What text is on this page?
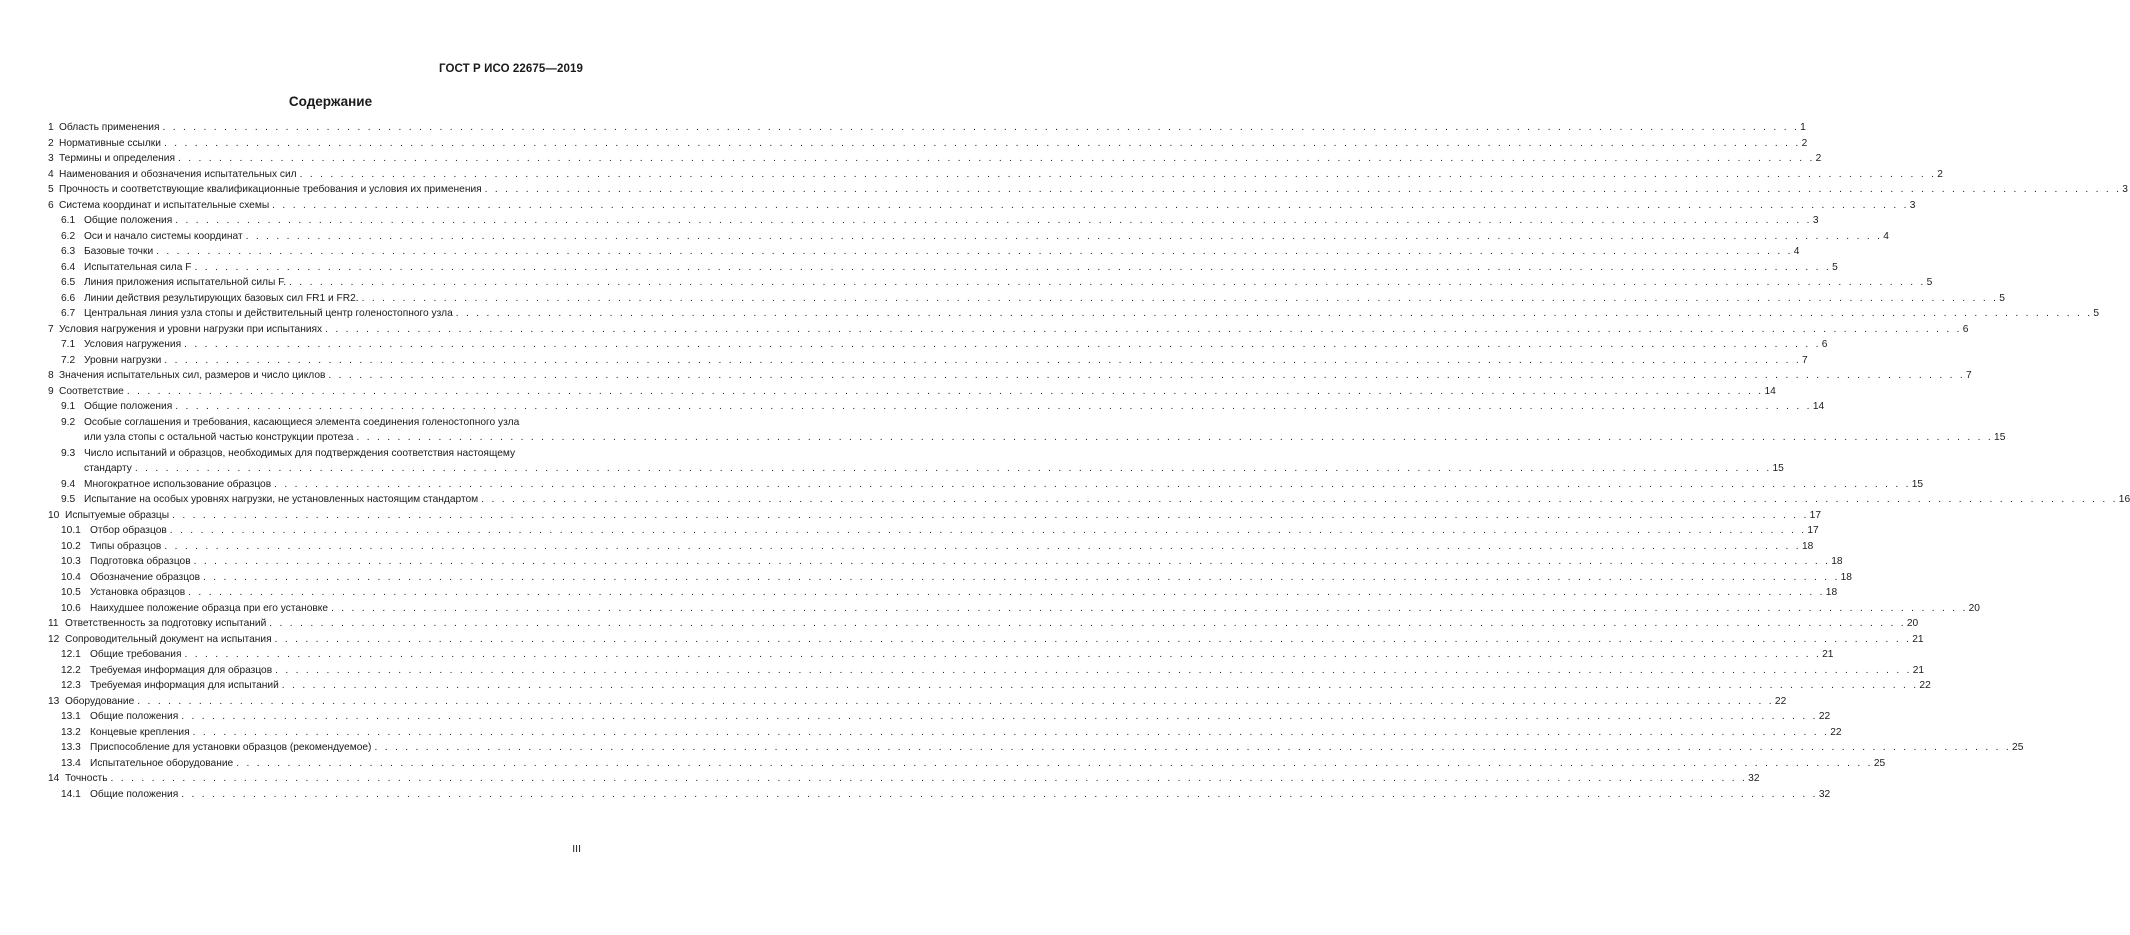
ГОСТ Р ИСО 22675—2019
Содержание
1 Область применения . . . . . . . . . . . . . . . . . . . . . . . . . . . . . . . . . . . . . . . . . . . . . . . . . . . . . . . . . . . . . . . . . . . . . . . . . . . . . . . . . . . . . . . . . . . . . . . . . . . . . . . . . . . . . . . . . . . . . . . . . . . . . . . . . . . . . . . . . . . . . . . . . . . . . . . . . . . . . . . . 1
2 Нормативные ссылки . . . . . . . . . . . . . . . . . . . . . . . . . . . . . . . . . . . . . . . . . . . . . . . . . . . . . . . . . . . . . . . . . . . . . . . . . . . . . . . . . . . . . . . . . . . . . . . . . . . . . . . . . . . . . . . . . . . . . . . . . . . . . . . . . . . . . . . . . . . . . . . . . . . . . . . . . . . . . . . . 2
3 Термины и определения . . . . . . . . . . . . . . . . . . . . . . . . . . . . . . . . . . . . . . . . . . . . . . . . . . . . . . . . . . . . . . . . . . . . . . . . . . . . . . . . . . . . . . . . . . . . . . . . . . . . . . . . . . . . . . . . . . . . . . . . . . . . . . . . . . . . . . . . . . . . . . . . . . . . . . . . . . . . . . . . 2
4 Наименования и обозначения испытательных сил . . . . . . . . . . . . . . . . . . . . . . . . . . . . . . . . . . . . . . . . . . . . . . . . . . . . . . . . . . . . . . . . . . . . . . . . . . . . . . . . . . . . . . . . . . . . . . . . . . . . . . . . . . . . . . . . . . . . . . . . . . . . . . . . . . . . . . . . . . . . . . . . . . . . . . . . . . . . . . . . 2
5 Прочность и соответствующие квалификационные требования и условия их применения . . . . . . . . . . . . . . . . . . . . . . . . . . . . . . . . . . . . . . . . . . . . . . . . . . . . . . . . . . . . . . . . . . . . . . . . . . . . . . . . . . . . . . . . . . . . . . . . . . . . . . . . . . . . . . . . . . . . . . . . . . . . . . . . . . . . . . . . . . . . . . . . . . . . . . . . . . . . . . . . 3
6 Система координат и испытательные схемы . . . . . . . . . . . . . . . . . . . . . . . . . . . . . . . . . . . . . . . . . . . . . . . . . . . . . . . . . . . . . . . . . . . . . . . . . . . . . . . . . . . . . . . . . . . . . . . . . . . . . . . . . . . . . . . . . . . . . . . . . . . . . . . . . . . . . . . . . . . . . . . . . . . . . . . . . . . . . . . . 3
6.1 Общие положения . . . . . . . . . . . . . . . . . . . . . . . . . . . . . . . . . . . . . . . . . . . . . . . . . . . . . . . . . . . . . . . . . . . . . . . . . . . . . . . . . . . . . . . . . . . . . . . . . . . . . . . . . . . . . . . . . . . . . . . . . . . . . . . . . . . . . . . . . . . . . . . . . . . . . . . . . . . . . . . . 3
6.2 Оси и начало системы координат . . . . . . . . . . . . . . . . . . . . . . . . . . . . . . . . . . . . . . . . . . . . . . . . . . . . . . . . . . . . . . . . . . . . . . . . . . . . . . . . . . . . . . . . . . . . . . . . . . . . . . . . . . . . . . . . . . . . . . . . . . . . . . . . . . . . . . . . . . . . . . . . . . . . . . . . . . . . . . . . 4
6.3 Базовые точки . . . . . . . . . . . . . . . . . . . . . . . . . . . . . . . . . . . . . . . . . . . . . . . . . . . . . . . . . . . . . . . . . . . . . . . . . . . . . . . . . . . . . . . . . . . . . . . . . . . . . . . . . . . . . . . . . . . . . . . . . . . . . . . . . . . . . . . . . . . . . . . . . . . . . . . . . . . . . . . . 4
6.4 Испытательная сила F . . . . . . . . . . . . . . . . . . . . . . . . . . . . . . . . . . . . . . . . . . . . . . . . . . . . . . . . . . . . . . . . . . . . . . . . . . . . . . . . . . . . . . . . . . . . . . . . . . . . . . . . . . . . . . . . . . . . . . . . . . . . . . . . . . . . . . . . . . . . . . . . . . . . . . . . . . . . . . . . 5
6.5 Линия приложения испытательной силы F. . . . . . . . . . . . . . . . . . . . . . . . . . . . . . . . . . . . . . . . . . . . . . . . . . . . . . . . . . . . . . . . . . . . . . . . . . . . . . . . . . . . . . . . . . . . . . . . . . . . . . . . . . . . . . . . . . . . . . . . . . . . . . . . . . . . . . . . . . . . . . . . . . . . . . . . . . . . . . . . . 5
6.6 Линии действия результирующих базовых сил FR1 и FR2. . . . . . . . . . . . . . . . . . . . . . . . . . . . . . . . . . . . . . . . . . . . . . . . . . . . . . . . . . . . . . . . . . . . . . . . . . . . . . . . . . . . . . . . . . . . . . . . . . . . . . . . . . . . . . . . . . . . . . . . . . . . . . . . . . . . . . . . . . . . . . . . . . . . . . . . . . . . . . . . . 5
6.7 Центральная линия узла стопы и действительный центр голеностопного узла . . . . . . . . . . . . . . . . . . . . . . . . . . . . . . . . . . . . . . . . . . . . . . . . . . . . . . . . . . . . . . . . . . . . . . . . . . . . . . . . . . . . . . . . . . . . . . . . . . . . . . . . . . . . . . . . . . . . . . . . . . . . . . . . . . . . . . . . . . . . . . . . . . . . . . . . . . . . . . . . 5
7 Условия нагружения и уровни нагрузки при испытаниях . . . . . . . . . . . . . . . . . . . . . . . . . . . . . . . . . . . . . . . . . . . . . . . . . . . . . . . . . . . . . . . . . . . . . . . . . . . . . . . . . . . . . . . . . . . . . . . . . . . . . . . . . . . . . . . . . . . . . . . . . . . . . . . . . . . . . . . . . . . . . . . . . . . . . . . . . . . . . . . . 6
7.1 Условия нагружения . . . . . . . . . . . . . . . . . . . . . . . . . . . . . . . . . . . . . . . . . . . . . . . . . . . . . . . . . . . . . . . . . . . . . . . . . . . . . . . . . . . . . . . . . . . . . . . . . . . . . . . . . . . . . . . . . . . . . . . . . . . . . . . . . . . . . . . . . . . . . . . . . . . . . . . . . . . . . . . . 6
7.2 Уровни нагрузки . . . . . . . . . . . . . . . . . . . . . . . . . . . . . . . . . . . . . . . . . . . . . . . . . . . . . . . . . . . . . . . . . . . . . . . . . . . . . . . . . . . . . . . . . . . . . . . . . . . . . . . . . . . . . . . . . . . . . . . . . . . . . . . . . . . . . . . . . . . . . . . . . . . . . . . . . . . . . . . . 7
8 Значения испытательных сил, размеров и число циклов . . . . . . . . . . . . . . . . . . . . . . . . . . . . . . . . . . . . . . . . . . . . . . . . . . . . . . . . . . . . . . . . . . . . . . . . . . . . . . . . . . . . . . . . . . . . . . . . . . . . . . . . . . . . . . . . . . . . . . . . . . . . . . . . . . . . . . . . . . . . . . . . . . . . . . . . . . . . . . . . 7
9 Соответствие . . . . . . . . . . . . . . . . . . . . . . . . . . . . . . . . . . . . . . . . . . . . . . . . . . . . . . . . . . . . . . . . . . . . . . . . . . . . . . . . . . . . . . . . . . . . . . . . . . . . . . . . . . . . . . . . . . . . . . . . . . . . . . . . . . . . . . . . . . . . . . . . . . . . . . . . . . . . . . . . 14
9.1 Общие положения . . . . . . . . . . . . . . . . . . . . . . . . . . . . . . . . . . . . . . . . . . . . . . . . . . . . . . . . . . . . . . . . . . . . . . . . . . . . . . . . . . . . . . . . . . . . . . . . . . . . . . . . . . . . . . . . . . . . . . . . . . . . . . . . . . . . . . . . . . . . . . . . . . . . . . . . . . . . . . . . 14
9.2 Особые соглашения и требования, касающиеся элемента соединения голеностопного узла
или узла стопы с остальной частью конструкции протеза . . . . . . . . . . . . . . . . . . . . . . . . . . . . . . . . . . . . . . . . . . . . . . . . . . . . . . . . . . . . . . . . . . . . . . . . . . . . . . . . . . . . . . . . . . . . . . . . . . . . . . . . . . . . . . . . . . . . . . . . . . . . . . . . . . . . . . . . . . . . . . . . . . . . . . . . . . . . . . . . 15
9.3 Число испытаний и образцов, необходимых для подтверждения соответствия настоящему
стандарту . . . . . . . . . . . . . . . . . . . . . . . . . . . . . . . . . . . . . . . . . . . . . . . . . . . . . . . . . . . . . . . . . . . . . . . . . . . . . . . . . . . . . . . . . . . . . . . . . . . . . . . . . . . . . . . . . . . . . . . . . . . . . . . . . . . . . . . . . . . . . . . . . . . . . . . . . . . . . . . . 15
9.4 Многократное использование образцов . . . . . . . . . . . . . . . . . . . . . . . . . . . . . . . . . . . . . . . . . . . . . . . . . . . . . . . . . . . . . . . . . . . . . . . . . . . . . . . . . . . . . . . . . . . . . . . . . . . . . . . . . . . . . . . . . . . . . . . . . . . . . . . . . . . . . . . . . . . . . . . . . . . . . . . . . . . . . . . . 15
9.5 Испытание на особых уровнях нагрузки, не установленных настоящим стандартом . . . . . . . . . . . . . . . . . . . . . . . . . . . . . . . . . . . . . . . . . . . . . . . . . . . . . . . . . . . . . . . . . . . . . . . . . . . . . . . . . . . . . . . . . . . . . . . . . . . . . . . . . . . . . . . . . . . . . . . . . . . . . . . . . . . . . . . . . . . . . . . . . . . . . . . . . . . . . . . . 16
10 Испытуемые образцы . . . . . . . . . . . . . . . . . . . . . . . . . . . . . . . . . . . . . . . . . . . . . . . . . . . . . . . . . . . . . . . . . . . . . . . . . . . . . . . . . . . . . . . . . . . . . . . . . . . . . . . . . . . . . . . . . . . . . . . . . . . . . . . . . . . . . . . . . . . . . . . . . . . . . . . . . . . . . . . . 17
10.1 Отбор образцов . . . . . . . . . . . . . . . . . . . . . . . . . . . . . . . . . . . . . . . . . . . . . . . . . . . . . . . . . . . . . . . . . . . . . . . . . . . . . . . . . . . . . . . . . . . . . . . . . . . . . . . . . . . . . . . . . . . . . . . . . . . . . . . . . . . . . . . . . . . . . . . . . . . . . . . . . . . . . . . . 17
10.2 Типы образцов . . . . . . . . . . . . . . . . . . . . . . . . . . . . . . . . . . . . . . . . . . . . . . . . . . . . . . . . . . . . . . . . . . . . . . . . . . . . . . . . . . . . . . . . . . . . . . . . . . . . . . . . . . . . . . . . . . . . . . . . . . . . . . . . . . . . . . . . . . . . . . . . . . . . . . . . . . . . . . . . 18
10.3 Подготовка образцов . . . . . . . . . . . . . . . . . . . . . . . . . . . . . . . . . . . . . . . . . . . . . . . . . . . . . . . . . . . . . . . . . . . . . . . . . . . . . . . . . . . . . . . . . . . . . . . . . . . . . . . . . . . . . . . . . . . . . . . . . . . . . . . . . . . . . . . . . . . . . . . . . . . . . . . . . . . . . . . . 18
10.4 Обозначение образцов . . . . . . . . . . . . . . . . . . . . . . . . . . . . . . . . . . . . . . . . . . . . . . . . . . . . . . . . . . . . . . . . . . . . . . . . . . . . . . . . . . . . . . . . . . . . . . . . . . . . . . . . . . . . . . . . . . . . . . . . . . . . . . . . . . . . . . . . . . . . . . . . . . . . . . . . . . . . . . . . 18
10.5 Установка образцов . . . . . . . . . . . . . . . . . . . . . . . . . . . . . . . . . . . . . . . . . . . . . . . . . . . . . . . . . . . . . . . . . . . . . . . . . . . . . . . . . . . . . . . . . . . . . . . . . . . . . . . . . . . . . . . . . . . . . . . . . . . . . . . . . . . . . . . . . . . . . . . . . . . . . . . . . . . . . . . . 18
10.6 Наихудшее положение образца при его установке . . . . . . . . . . . . . . . . . . . . . . . . . . . . . . . . . . . . . . . . . . . . . . . . . . . . . . . . . . . . . . . . . . . . . . . . . . . . . . . . . . . . . . . . . . . . . . . . . . . . . . . . . . . . . . . . . . . . . . . . . . . . . . . . . . . . . . . . . . . . . . . . . . . . . . . . . . . . . . . . 20
11 Ответственность за подготовку испытаний . . . . . . . . . . . . . . . . . . . . . . . . . . . . . . . . . . . . . . . . . . . . . . . . . . . . . . . . . . . . . . . . . . . . . . . . . . . . . . . . . . . . . . . . . . . . . . . . . . . . . . . . . . . . . . . . . . . . . . . . . . . . . . . . . . . . . . . . . . . . . . . . . . . . . . . . . . . . . . . . 20
12 Сопроводительный документ на испытания . . . . . . . . . . . . . . . . . . . . . . . . . . . . . . . . . . . . . . . . . . . . . . . . . . . . . . . . . . . . . . . . . . . . . . . . . . . . . . . . . . . . . . . . . . . . . . . . . . . . . . . . . . . . . . . . . . . . . . . . . . . . . . . . . . . . . . . . . . . . . . . . . . . . . . . . . . . . . . . . 21
12.1 Общие требования . . . . . . . . . . . . . . . . . . . . . . . . . . . . . . . . . . . . . . . . . . . . . . . . . . . . . . . . . . . . . . . . . . . . . . . . . . . . . . . . . . . . . . . . . . . . . . . . . . . . . . . . . . . . . . . . . . . . . . . . . . . . . . . . . . . . . . . . . . . . . . . . . . . . . . . . . . . . . . . . 21
12.2 Требуемая информация для образцов . . . . . . . . . . . . . . . . . . . . . . . . . . . . . . . . . . . . . . . . . . . . . . . . . . . . . . . . . . . . . . . . . . . . . . . . . . . . . . . . . . . . . . . . . . . . . . . . . . . . . . . . . . . . . . . . . . . . . . . . . . . . . . . . . . . . . . . . . . . . . . . . . . . . . . . . . . . . . . . . 21
12.3 Требуемая информация для испытаний . . . . . . . . . . . . . . . . . . . . . . . . . . . . . . . . . . . . . . . . . . . . . . . . . . . . . . . . . . . . . . . . . . . . . . . . . . . . . . . . . . . . . . . . . . . . . . . . . . . . . . . . . . . . . . . . . . . . . . . . . . . . . . . . . . . . . . . . . . . . . . . . . . . . . . . . . . . . . . . . 22
13 Оборудование . . . . . . . . . . . . . . . . . . . . . . . . . . . . . . . . . . . . . . . . . . . . . . . . . . . . . . . . . . . . . . . . . . . . . . . . . . . . . . . . . . . . . . . . . . . . . . . . . . . . . . . . . . . . . . . . . . . . . . . . . . . . . . . . . . . . . . . . . . . . . . . . . . . . . . . . . . . . . . . . 22
13.1 Общие положения . . . . . . . . . . . . . . . . . . . . . . . . . . . . . . . . . . . . . . . . . . . . . . . . . . . . . . . . . . . . . . . . . . . . . . . . . . . . . . . . . . . . . . . . . . . . . . . . . . . . . . . . . . . . . . . . . . . . . . . . . . . . . . . . . . . . . . . . . . . . . . . . . . . . . . . . . . . . . . . . 22
13.2 Концевые крепления . . . . . . . . . . . . . . . . . . . . . . . . . . . . . . . . . . . . . . . . . . . . . . . . . . . . . . . . . . . . . . . . . . . . . . . . . . . . . . . . . . . . . . . . . . . . . . . . . . . . . . . . . . . . . . . . . . . . . . . . . . . . . . . . . . . . . . . . . . . . . . . . . . . . . . . . . . . . . . . . 22
13.3 Приспособление для установки образцов (рекомендуемое) . . . . . . . . . . . . . . . . . . . . . . . . . . . . . . . . . . . . . . . . . . . . . . . . . . . . . . . . . . . . . . . . . . . . . . . . . . . . . . . . . . . . . . . . . . . . . . . . . . . . . . . . . . . . . . . . . . . . . . . . . . . . . . . . . . . . . . . . . . . . . . . . . . . . . . . . . . . . . . . . 25
13.4 Испытательное оборудование . . . . . . . . . . . . . . . . . . . . . . . . . . . . . . . . . . . . . . . . . . . . . . . . . . . . . . . . . . . . . . . . . . . . . . . . . . . . . . . . . . . . . . . . . . . . . . . . . . . . . . . . . . . . . . . . . . . . . . . . . . . . . . . . . . . . . . . . . . . . . . . . . . . . . . . . . . . . . . . . 25
14 Точность . . . . . . . . . . . . . . . . . . . . . . . . . . . . . . . . . . . . . . . . . . . . . . . . . . . . . . . . . . . . . . . . . . . . . . . . . . . . . . . . . . . . . . . . . . . . . . . . . . . . . . . . . . . . . . . . . . . . . . . . . . . . . . . . . . . . . . . . . . . . . . . . . . . . . . . . . . . . . . . . 32
14.1 Общие положения . . . . . . . . . . . . . . . . . . . . . . . . . . . . . . . . . . . . . . . . . . . . . . . . . . . . . . . . . . . . . . . . . . . . . . . . . . . . . . . . . . . . . . . . . . . . . . . . . . . . . . . . . . . . . . . . . . . . . . . . . . . . . . . . . . . . . . . . . . . . . . . . . . . . . . . . . . . . . . . . 32
III
